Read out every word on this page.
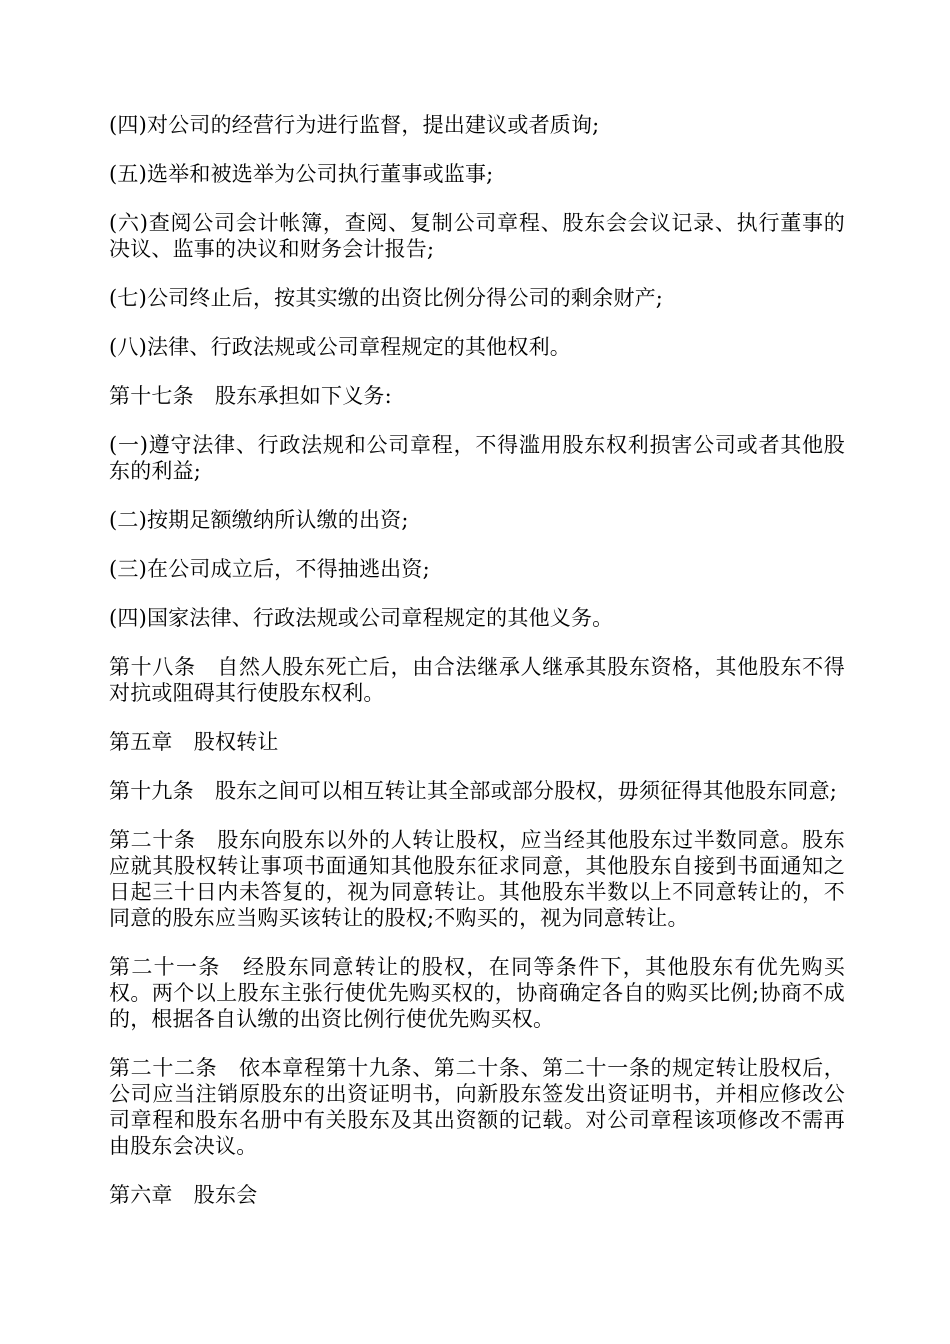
(四)对公司的经营行为进行监督，提出建议或者质询;

(五)选举和被选举为公司执行董事或监事;

(六)查阅公司会计帐簿，查阅、复制公司章程、股东会会议记录、执行董事的决议、监事的决议和财务会计报告;

(七)公司终止后，按其实缴的出资比例分得公司的剩余财产;

(八)法律、行政法规或公司章程规定的其他权利。

第十七条　股东承担如下义务:

(一)遵守法律、行政法规和公司章程，不得滥用股东权利损害公司或者其他股东的利益;

(二)按期足额缴纳所认缴的出资;

(三)在公司成立后，不得抽逃出资;

(四)国家法律、行政法规或公司章程规定的其他义务。

第十八条　自然人股东死亡后，由合法继承人继承其股东资格，其他股东不得对抗或阻碍其行使股东权利。

第五章　股权转让

第十九条　股东之间可以相互转让其全部或部分股权，毋须征得其他股东同意;

第二十条　股东向股东以外的人转让股权，应当经其他股东过半数同意。股东应就其股权转让事项书面通知其他股东征求同意，其他股东自接到书面通知之日起三十日内未答复的，视为同意转让。其他股东半数以上不同意转让的，不同意的股东应当购买该转让的股权;不购买的，视为同意转让。

第二十一条　经股东同意转让的股权，在同等条件下，其他股东有优先购买权。两个以上股东主张行使优先购买权的，协商确定各自的购买比例;协商不成的，根据各自认缴的出资比例行使优先购买权。

第二十二条　依本章程第十九条、第二十条、第二十一条的规定转让股权后，公司应当注销原股东的出资证明书，向新股东签发出资证明书，并相应修改公司章程和股东名册中有关股东及其出资额的记载。对公司章程该项修改不需再由股东会决议。

第六章　股东会
